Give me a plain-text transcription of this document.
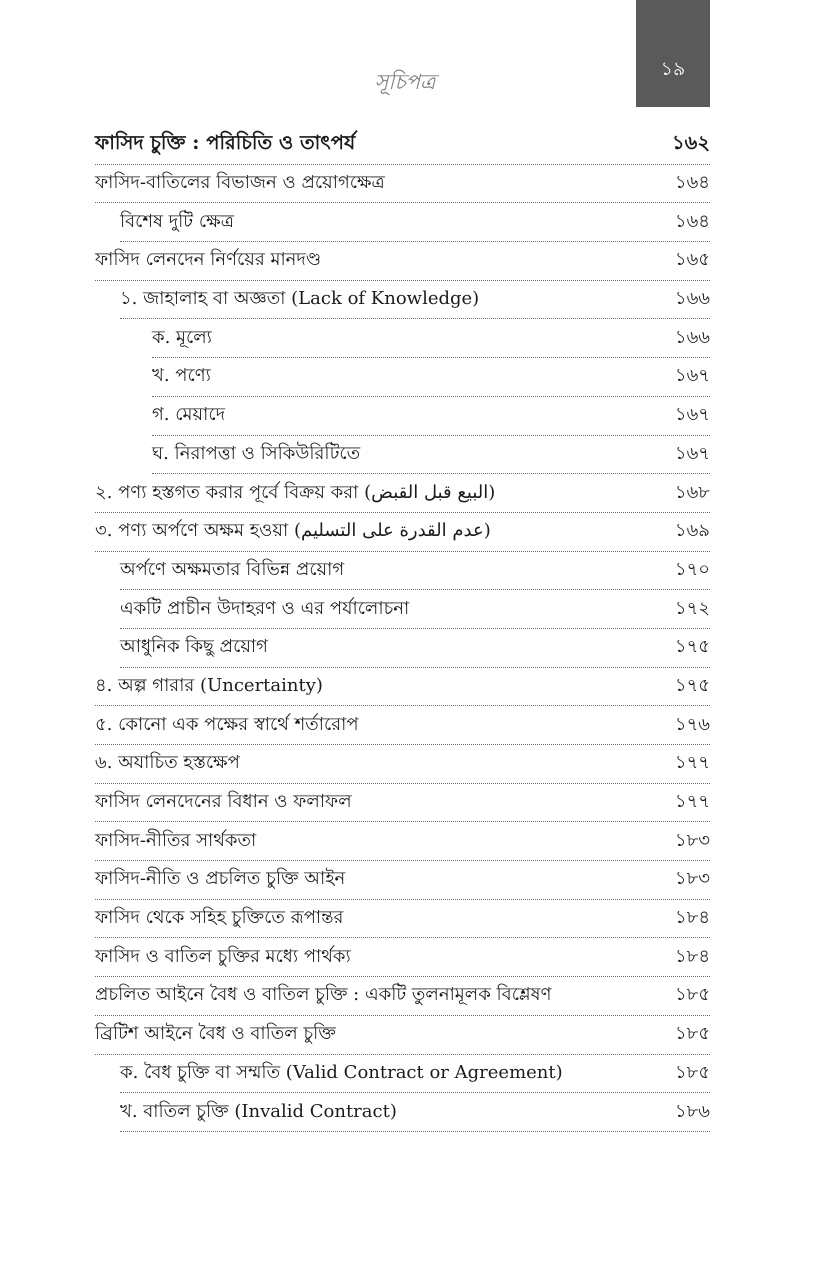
সূচিপত্র
১৯
ফাসিদ চুক্তি : পরিচিতি ও তাৎপর্য	১৬২
ফাসিদ-বাতিলের বিভাজন ও প্রয়োগক্ষেত্র	১৬৪
বিশেষ দুটি ক্ষেত্র	১৬৪
ফাসিদ লেনদেন নির্ণয়ের মানদণ্ড	১৬৫
১. জাহালাহ বা অজ্ঞতা (Lack of Knowledge)	১৬৬
ক. মূল্যে	১৬৬
খ. পণ্যে	১৬৭
গ. মেয়াদে	১৬৭
ঘ. নিরাপত্তা ও সিকিউরিটিতে	১৬৭
২. পণ্য হস্তগত করার পূর্বে বিক্রয় করা (البيع قبل القبض)	১৬৮
৩. পণ্য অর্পণে অক্ষম হওয়া (عدم القدرة على التسليم)	১৬৯
অর্পণে অক্ষমতার বিভিন্ন প্রয়োগ	১৭০
একটি প্রাচীন উদাহরণ ও এর পর্যালোচনা	১৭২
আধুনিক কিছু প্রয়োগ	১৭৫
৪. অল্প গারার (Uncertainty)	১৭৫
৫. কোনো এক পক্ষের স্বার্থে শর্তারোপ	১৭৬
৬. অযাচিত হস্তক্ষেপ	১৭৭
ফাসিদ লেনদেনের বিধান ও ফলাফল	১৭৭
ফাসিদ-নীতির সার্থকতা	১৮৩
ফাসিদ-নীতি ও প্রচলিত চুক্তি আইন	১৮৩
ফাসিদ থেকে সহিহ চুক্তিতে রূপান্তর	১৮৪
ফাসিদ ও বাতিল চুক্তির মধ্যে পার্থক্য	১৮৪
প্রচলিত আইনে বৈধ ও বাতিল চুক্তি : একটি তুলনামূলক বিশ্লেষণ	১৮৫
ব্রিটিশ আইনে বৈধ ও বাতিল চুক্তি	১৮৫
ক. বৈধ চুক্তি বা সম্মতি (Valid Contract or Agreement)	১৮৫
খ. বাতিল চুক্তি (Invalid Contract)	১৮৬
